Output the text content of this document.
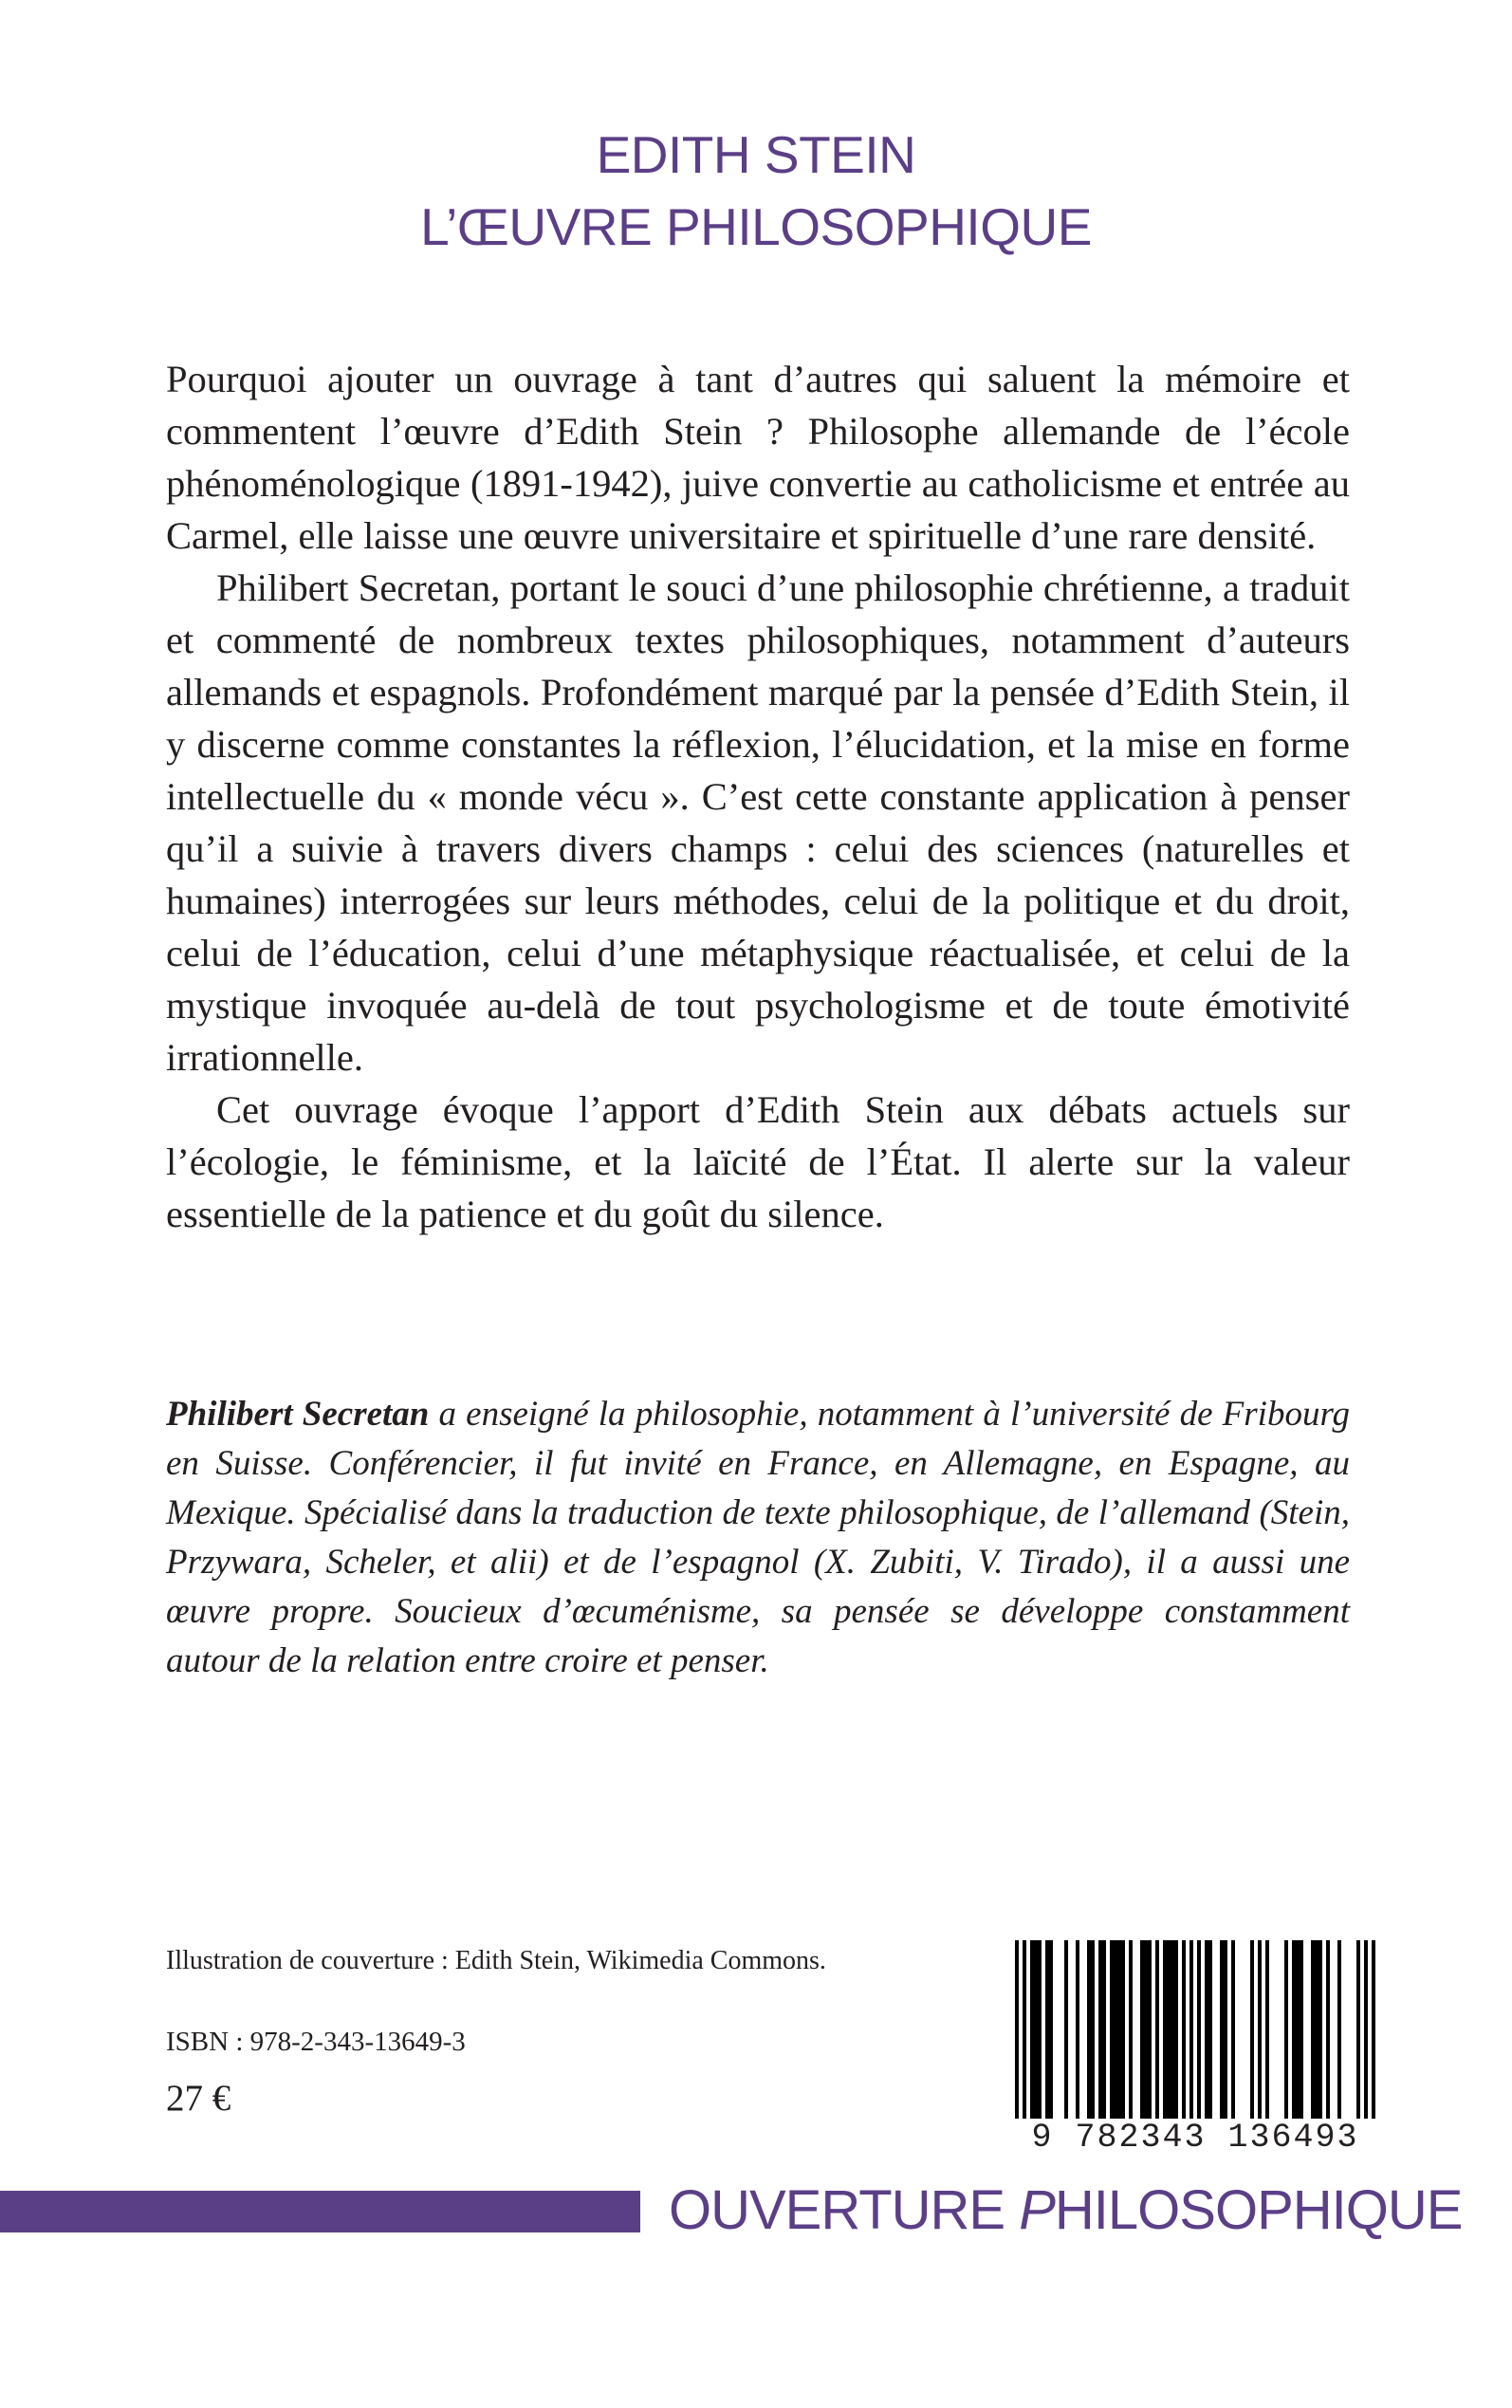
EDITH STEIN
L’ŒUVRE PHILOSOPHIQUE

Pourquoi ajouter un ouvrage à tant d’autres qui saluent la mémoire et commentent l’œuvre d’Edith Stein ? Philosophe allemande de l’école phénoménologique (1891-1942), juive convertie au catholicisme et entrée au Carmel, elle laisse une œuvre universitaire et spirituelle d’une rare densité.

Philibert Secretan, portant le souci d’une philosophie chrétienne, a traduit et commenté de nombreux textes philosophiques, notamment d’auteurs allemands et espagnols. Profondément marqué par la pensée d’Edith Stein, il y discerne comme constantes la réflexion, l’élucidation, et la mise en forme intellectuelle du « monde vécu ». C’est cette constante application à penser qu’il a suivie à travers divers champs : celui des sciences (naturelles et humaines) interrogées sur leurs méthodes, celui de la politique et du droit, celui de l’éducation, celui d’une métaphysique réactualisée, et celui de la mystique invoquée au-delà de tout psychologisme et de toute émotivité irrationnelle.

Cet ouvrage évoque l’apport d’Edith Stein aux débats actuels sur l’écologie, le féminisme, et la laïcité de l’État. Il alerte sur la valeur essentielle de la patience et du goût du silence.

Philibert Secretan a enseigné la philosophie, notamment à l’université de Fribourg en Suisse. Conférencier, il fut invité en France, en Allemagne, en Espagne, au Mexique. Spécialisé dans la traduction de texte philosophique, de l’allemand (Stein, Przywara, Scheler, et alii) et de l’espagnol (X. Zubiti, V. Tirado), il a aussi une œuvre propre. Soucieux d’œcuménisme, sa pensée se développe constamment autour de la relation entre croire et penser.
Illustration de couverture : Edith Stein, Wikimedia Commons.
ISBN : 978-2-343-13649-3
27 €
9 782343 136493
OUVERTURE PHILOSOPHIQUE
